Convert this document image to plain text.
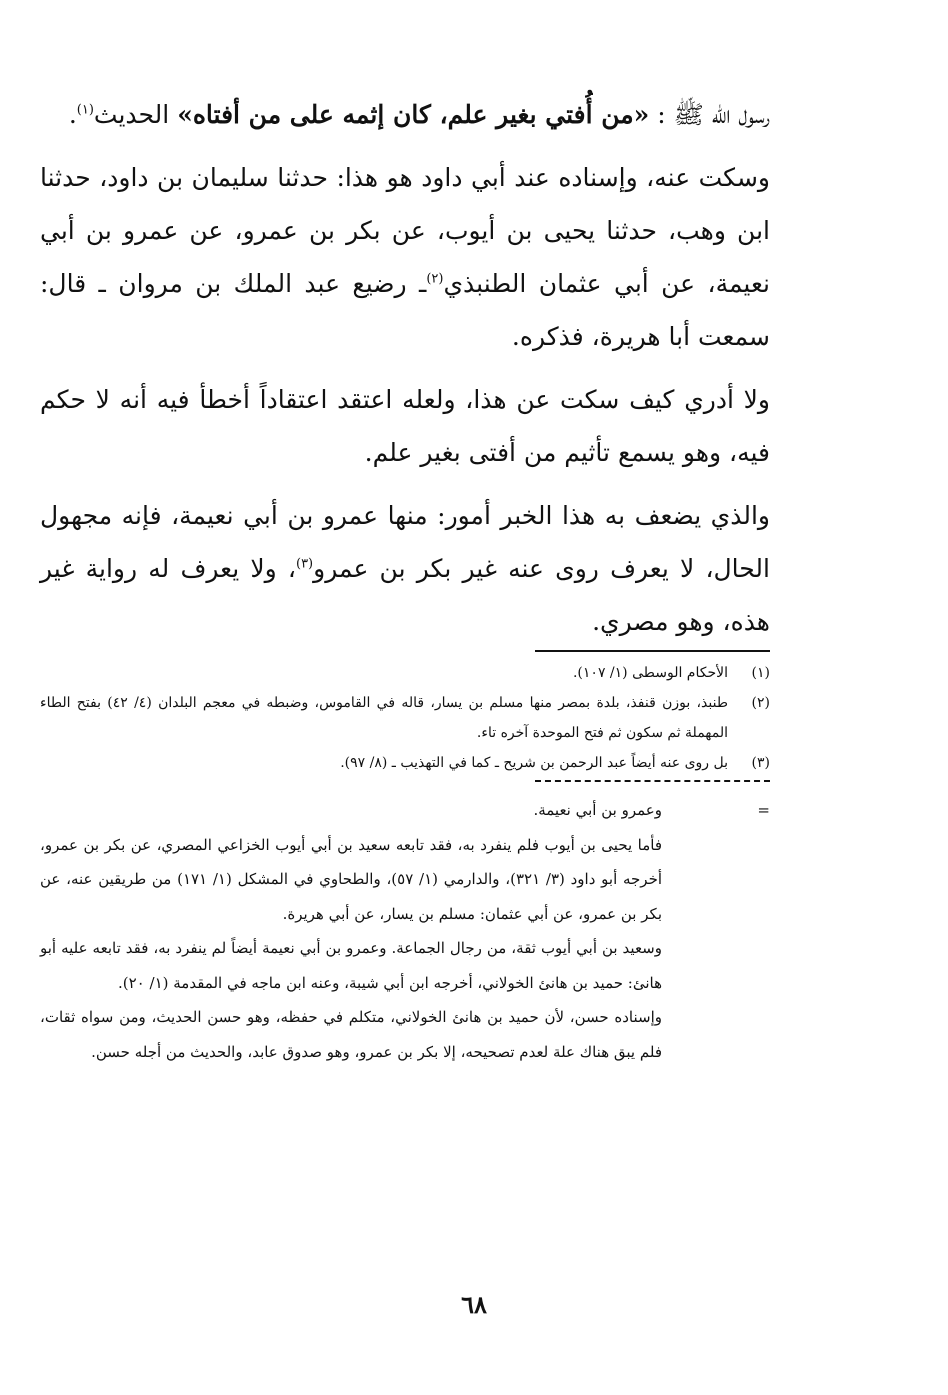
رسول الله ﷺ : «من أُفتي بغير علم، كان إثمه على من أفتاه» الحديث$^{(١)}$.

وسكت عنه، وإسناده عند أبي داود هو هذا: حدثنا سليمان بن داود، حدثنا ابن وهب، حدثنا يحيى بن أيوب، عن بكر بن عمرو، عن عمرو بن أبي نعيمة، عن أبي عثمان الطنبذي$^{(٢)}$ـ رضيع عبد الملك بن مروان ـ قال: سمعت أبا هريرة، فذكره.

ولا أدري كيف سكت عن هذا، ولعله اعتقد اعتقاداً أخطأ فيه أنه لا حكم فيه، وهو يسمع تأثيم من أفتى بغير علم.

والذي يضعف به هذا الخبر أمور: منها عمرو بن أبي نعيمة، فإنه مجهول الحال، لا يعرف روى عنه غير بكر بن عمرو$^{(٣)}$، ولا يعرف له رواية غير هذه، وهو مصري.

(١)
الأحكام الوسطى (١/ ١٠٧).
(٢)
طنبذ، بوزن قنفذ، بلدة بمصر منها مسلم بن يسار، قاله في القاموس، وضبطه في معجم البلدان (٤/ ٤٢) بفتح الطاء المهملة ثم سكون ثم فتح الموحدة آخره تاء.
(٣)
بل روى عنه أيضاً عبد الرحمن بن شريح ـ كما في التهذيب ـ (٨/ ٩٧).
=

وعمرو بن أبي نعيمة.

فأما يحيى بن أيوب فلم ينفرد به، فقد تابعه سعيد بن أبي أيوب الخزاعي المصري، عن بكر بن عمرو، أخرجه أبو داود (٣/ ٣٢١)، والدارمي (١/ ٥٧)، والطحاوي في المشكل (١/ ١٧١) من طريقين عنه، عن بكر بن عمرو، عن أبي عثمان: مسلم بن يسار، عن أبي هريرة.

وسعيد بن أبي أيوب ثقة، من رجال الجماعة. وعمرو بن أبي نعيمة أيضاً لم ينفرد به، فقد تابعه عليه أبو هانئ: حميد بن هانئ الخولاني، أخرجه ابن أبي شيبة، وعنه ابن ماجه في المقدمة (١/ ٢٠).

وإسناده حسن، لأن حميد بن هانئ الخولاني، متكلم في حفظه، وهو حسن الحديث، ومن سواه ثقات، فلم يبق هناك علة لعدم تصحيحه، إلا بكر بن عمرو، وهو صدوق عابد، والحديث من أجله حسن.

٦٨
